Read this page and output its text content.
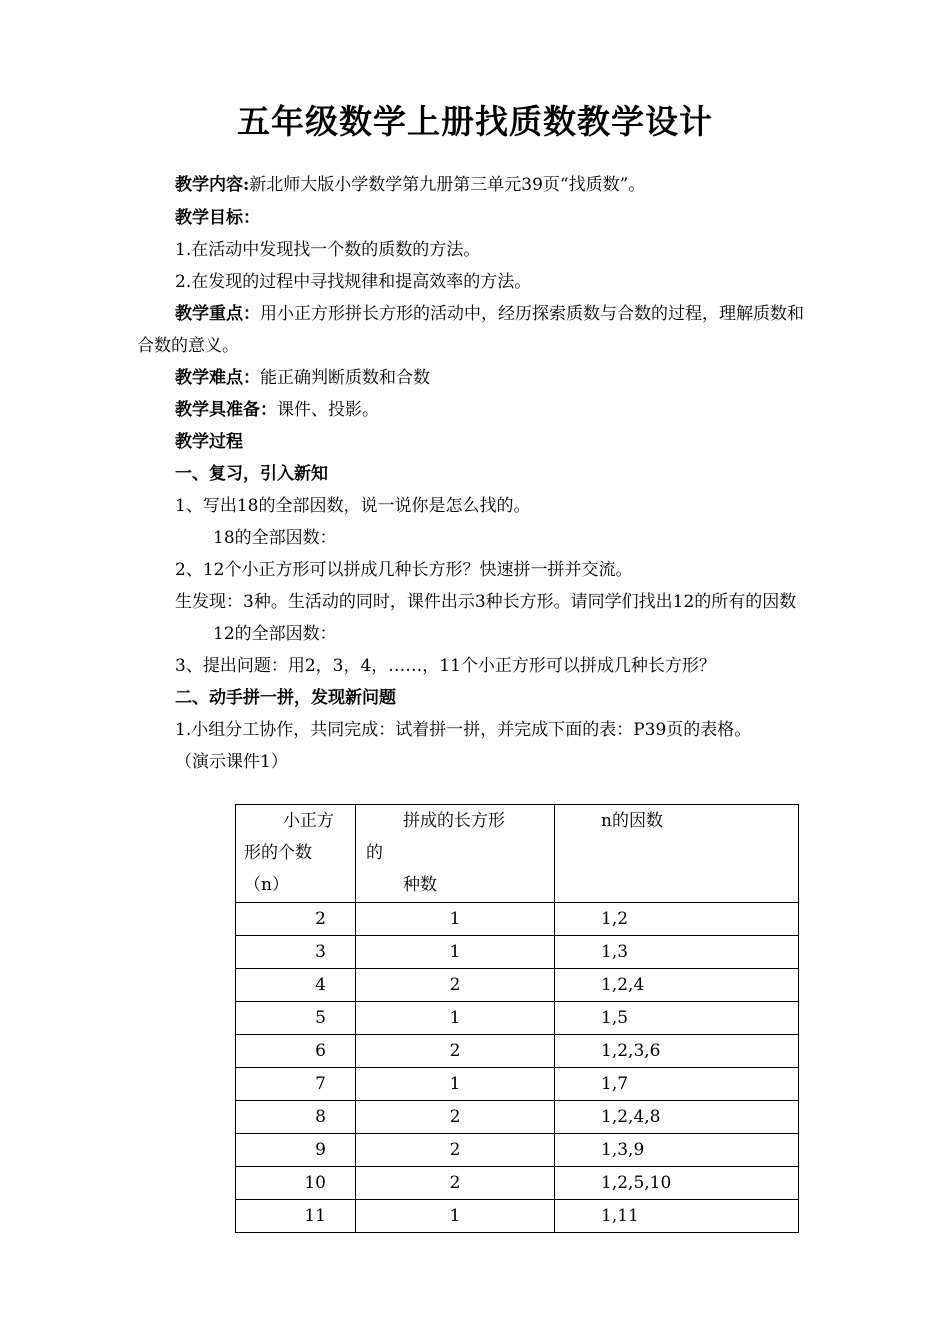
五年级数学上册找质数教学设计
教学内容:新北师大版小学数学第九册第三单元39页“找质数”。
教学目标：
1.在活动中发现找一个数的质数的方法。
2.在发现的过程中寻找规律和提高效率的方法。
教学重点：用小正方形拼长方形的活动中，经历探索质数与合数的过程，理解质数和
合数的意义。
教学难点：能正确判断质数和合数
教学具准备：课件、投影。
教学过程
一、复习，引入新知
1、写出18的全部因数，说一说你是怎么找的。
18的全部因数：
2、12个小正方形可以拼成几种长方形？快速拼一拼并交流。
生发现：3种。生活动的同时，课件出示3种长方形。请同学们找出12的所有的因数
12的全部因数：
3、提出问题：用2，3，4，……，11个小正方形可以拼成几种长方形？
二、动手拼一拼，发现新问题
1.小组分工协作，共同完成：试着拼一拼，并完成下面的表：P39页的表格。
（演示课件1）
小正方
形的个数
（n）	拼成的长方形
的
种数	n的因数

2	1	1,2
3	1	1,3
4	2	1,2,4
5	1	1,5
6	2	1,2,3,6
7	1	1,7
8	2	1,2,4,8
9	2	1,3,9
10	2	1,2,5,10
11	1	1,11
